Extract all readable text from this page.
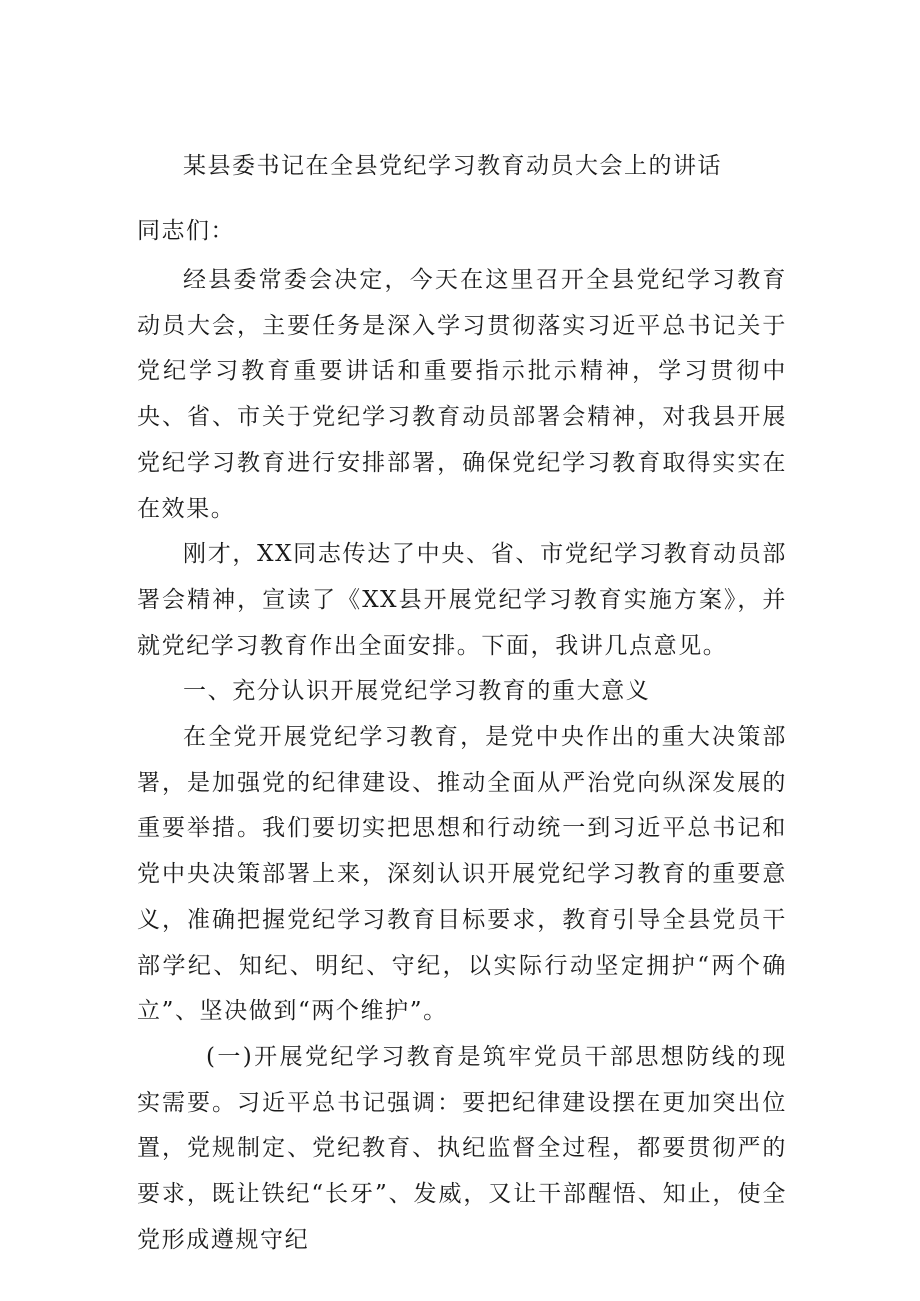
某县委书记在全县党纪学习教育动员大会上的讲话
同志们：

经县委常委会决定，今天在这里召开全县党纪学习教育动员大会，主要任务是深入学习贯彻落实习近平总书记关于党纪学习教育重要讲话和重要指示批示精神，学习贯彻中央、省、市关于党纪学习教育动员部署会精神，对我县开展党纪学习教育进行安排部署，确保党纪学习教育取得实实在在效果。

刚才，XX同志传达了中央、省、市党纪学习教育动员部署会精神，宣读了《XX县开展党纪学习教育实施方案》，并就党纪学习教育作出全面安排。下面，我讲几点意见。

一、充分认识开展党纪学习教育的重大意义

在全党开展党纪学习教育，是党中央作出的重大决策部署，是加强党的纪律建设、推动全面从严治党向纵深发展的重要举措。我们要切实把思想和行动统一到习近平总书记和党中央决策部署上来，深刻认识开展党纪学习教育的重要意义，准确把握党纪学习教育目标要求，教育引导全县党员干部学纪、知纪、明纪、守纪，以实际行动坚定拥护“两个确立”、坚决做到“两个维护”。

(一)开展党纪学习教育是筑牢党员干部思想防线的现实需要。习近平总书记强调：要把纪律建设摆在更加突出位置，党规制定、党纪教育、执纪监督全过程，都要贯彻严的要求，既让铁纪“长牙”、发威，又让干部醒悟、知止，使全党形成遵规守纪
